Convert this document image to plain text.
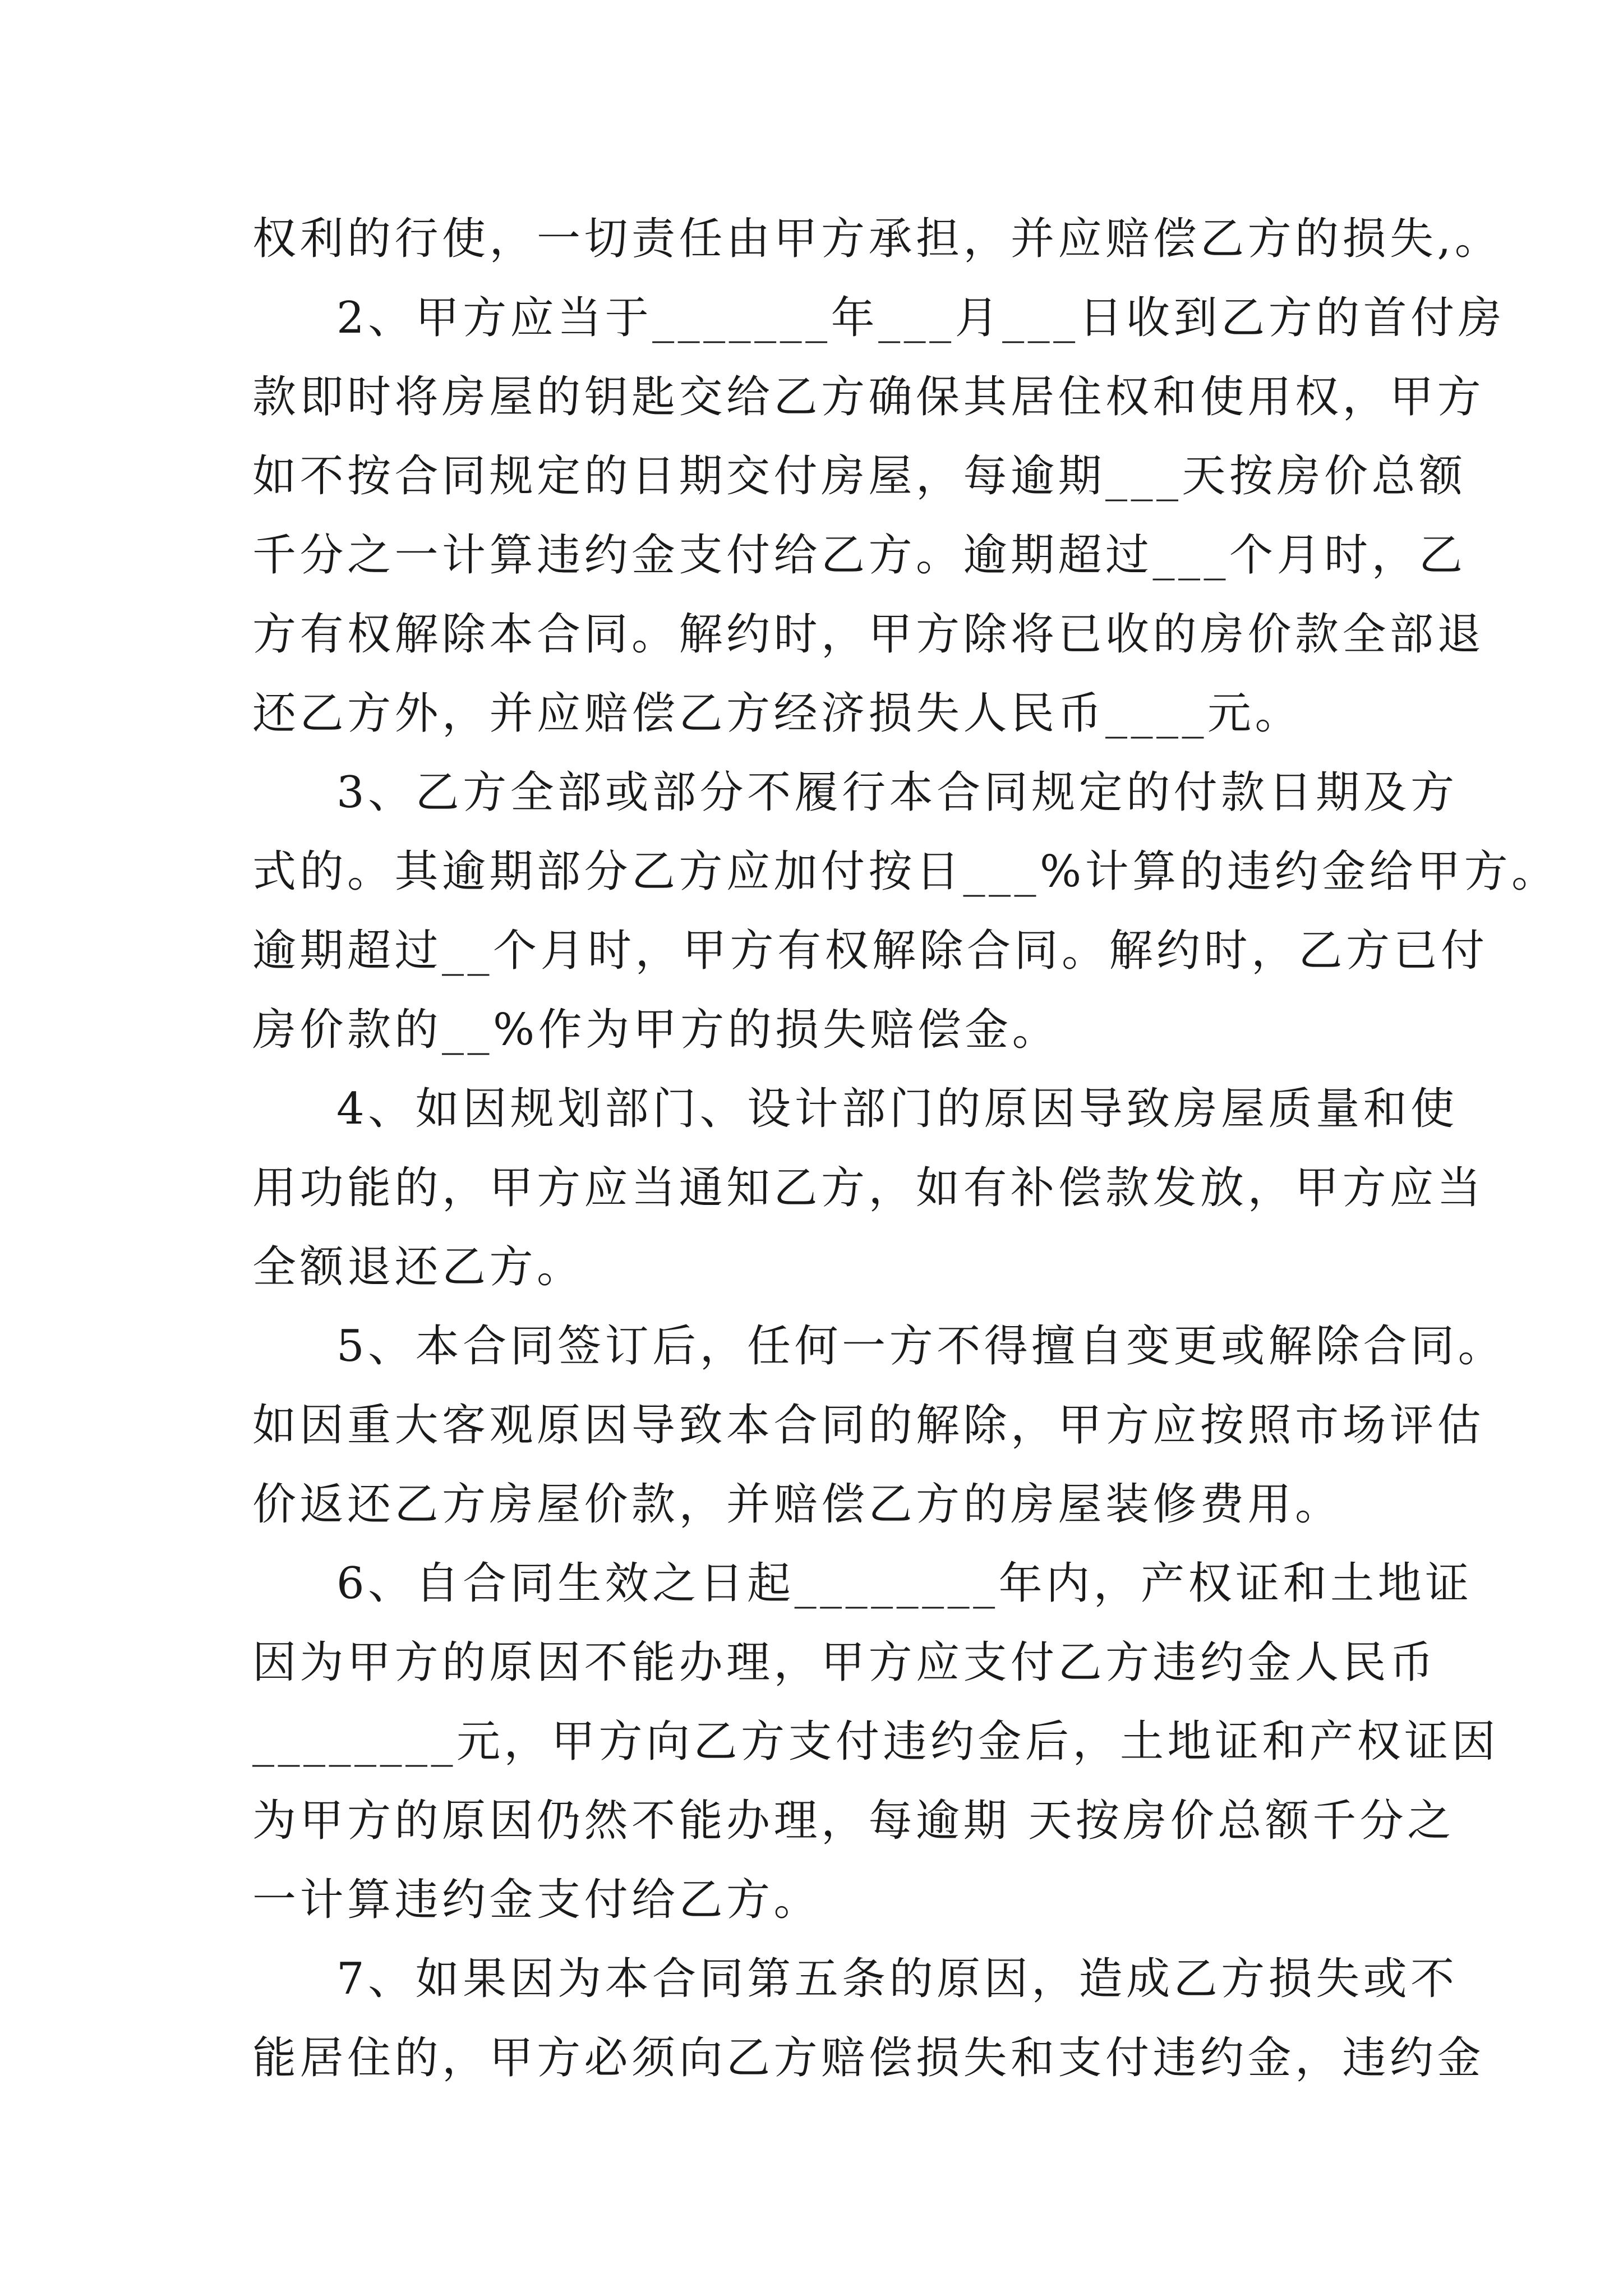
权利的行使，一切责任由甲方承担，并应赔偿乙方的损失,。
2、甲方应当于_______年___月___日收到乙方的首付房
款即时将房屋的钥匙交给乙方确保其居住权和使用权，甲方
如不按合同规定的日期交付房屋，每逾期___天按房价总额
千分之一计算违约金支付给乙方。逾期超过___个月时，乙
方有权解除本合同。解约时，甲方除将已收的房价款全部退
还乙方外，并应赔偿乙方经济损失人民币____元。
3、乙方全部或部分不履行本合同规定的付款日期及方
式的。其逾期部分乙方应加付按日___%计算的违约金给甲方。
逾期超过__个月时，甲方有权解除合同。解约时，乙方已付
房价款的__%作为甲方的损失赔偿金。
4、如因规划部门、设计部门的原因导致房屋质量和使
用功能的，甲方应当通知乙方，如有补偿款发放，甲方应当
全额退还乙方。
5、本合同签订后，任何一方不得擅自变更或解除合同。
如因重大客观原因导致本合同的解除，甲方应按照市场评估
价返还乙方房屋价款，并赔偿乙方的房屋装修费用。
6、自合同生效之日起________年内，产权证和土地证
因为甲方的原因不能办理，甲方应支付乙方违约金人民币
________元，甲方向乙方支付违约金后，土地证和产权证因
为甲方的原因仍然不能办理，每逾期 天按房价总额千分之
一计算违约金支付给乙方。
7、如果因为本合同第五条的原因，造成乙方损失或不
能居住的，甲方必须向乙方赔偿损失和支付违约金，违约金
